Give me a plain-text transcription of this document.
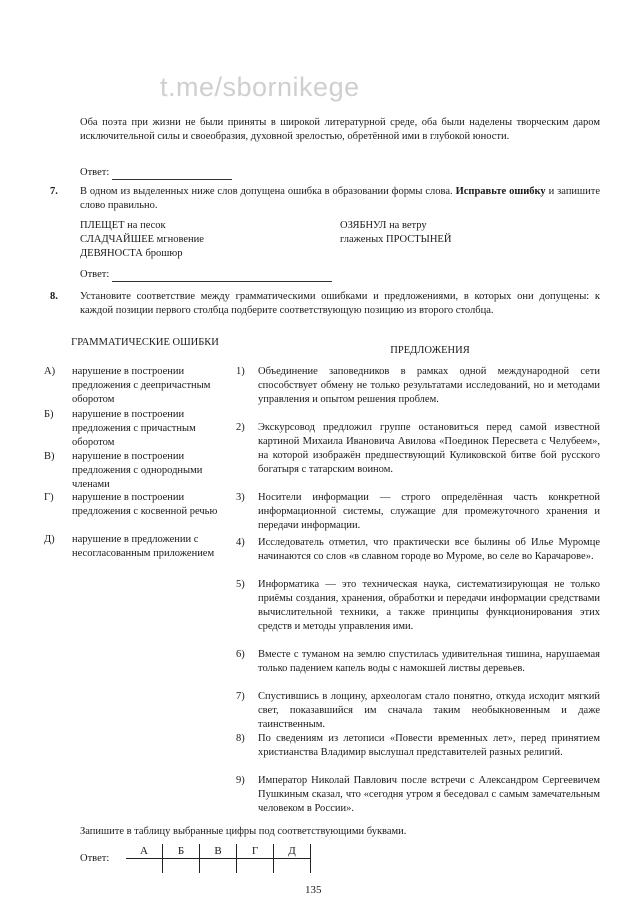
t.me/sbornikege
Оба поэта при жизни не были приняты в широкой литературной среде, оба были наделены творческим даром исключительной силы и своеобразия, духовной зрелостью, обретённой ими в глубокой юности.
Ответ:
7. В одном из выделенных ниже слов допущена ошибка в образовании формы слова. Исправьте ошибку и запишите слово правильно.
ПЛЕЩЕТ на песок
СЛАДЧАЙШЕЕ мгновение
ДЕВЯНОСТА брошюр
ОЗЯБНУЛ на ветру
глаженых ПРОСТЫНЕЙ
Ответ:
8. Установите соответствие между грамматическими ошибками и предложениями, в которых они допущены: к каждой позиции первого столбца подберите соответствующую позицию из второго столбца.
ГРАММАТИЧЕСКИЕ ОШИБКИ
ПРЕДЛОЖЕНИЯ
А) нарушение в построении предложения с деепричастным оборотом
Б) нарушение в построении предложения с причастным оборотом
В) нарушение в построении предложения с однородными членами
Г) нарушение в построении предложения с косвенной речью
Д) нарушение в предложении с несогласованным приложением
1) Объединение заповедников в рамках одной международной сети способствует обмену не только результатами исследований, но и методами управления и опытом решения проблем.
2) Экскурсовод предложил группе остановиться перед самой известной картиной Михаила Ивановича Авилова «Поединок Пересвета с Челубеем», на которой изображён предшествующий Куликовской битве бой русского богатыря с татарским воином.
3) Носители информации — строго определённая часть конкретной информационной системы, служащие для промежуточного хранения и передачи информации.
4) Исследователь отметил, что практически все былины об Илье Муромце начинаются со слов «в славном городе во Муроме, во селе во Карачарове».
5) Информатика — это техническая наука, систематизирующая не только приёмы создания, хранения, обработки и передачи информации средствами вычислительной техники, а также принципы функционирования этих средств и методы управления ими.
6) Вместе с туманом на землю спустилась удивительная тишина, нарушаемая только падением капель воды с намокшей листвы деревьев.
7) Спустившись в лощину, археологам стало понятно, откуда исходит мягкий свет, показавшийся им сначала таким необыкновенным и даже таинственным.
8) По сведениям из летописи «Повести временных лет», перед принятием христианства Владимир выслушал представителей разных религий.
9) Император Николай Павлович после встречи с Александром Сергеевичем Пушкиным сказал, что «сегодня утром я беседовал с самым замечательным человеком в России».
Запишите в таблицу выбранные цифры под соответствующими буквами.
Ответ:
А	Б	В	Г	Д

135
